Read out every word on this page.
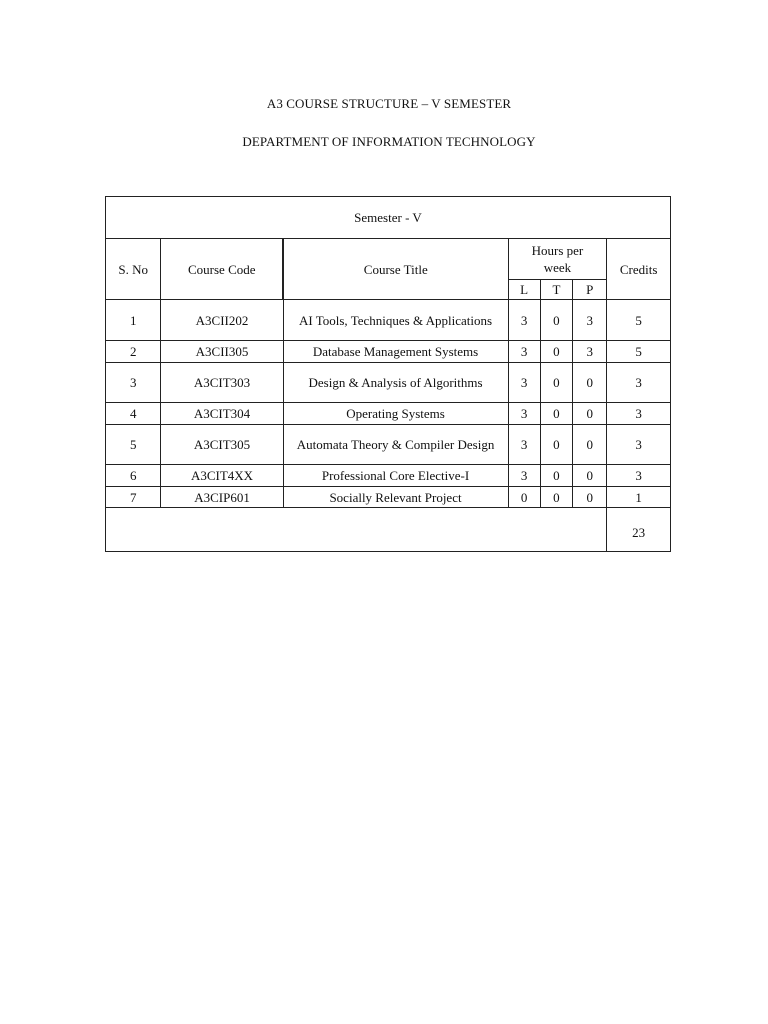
A3 COURSE STRUCTURE – V SEMESTER
DEPARTMENT OF INFORMATION TECHNOLOGY
Semester - V						
S. No	Course Code	Course Title	Hours per week			Credits
			L	T	P	
1	A3CII202	AI Tools, Techniques & Applications	3	0	3	5
2	A3CII305	Database Management Systems	3	0	3	5
3	A3CIT303	Design & Analysis of Algorithms	3	0	0	3
4	A3CIT304	Operating Systems	3	0	0	3
5	A3CIT305	Automata Theory & Compiler Design	3	0	0	3
6	A3CIT4XX	Professional Core Elective-I	3	0	0	3
7	A3CIP601	Socially Relevant Project	0	0	0	1
						23
